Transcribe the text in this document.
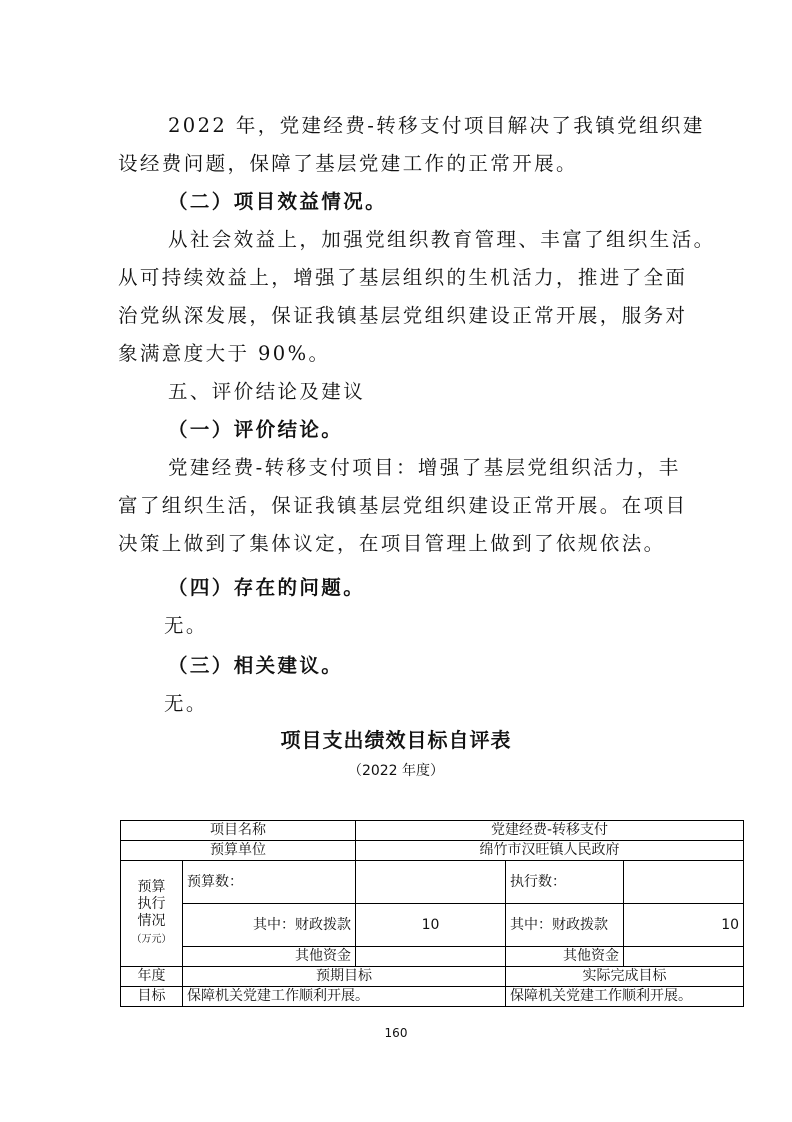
2022 年，党建经费-转移支付项目解决了我镇党组织建
设经费问题，保障了基层党建工作的正常开展。
（二）项目效益情况。
从社会效益上，加强党组织教育管理、丰富了组织生活。
从可持续效益上，增强了基层组织的生机活力，推进了全面
治党纵深发展，保证我镇基层党组织建设正常开展，服务对
象满意度大于 90%。
五、评价结论及建议
（一）评价结论。
党建经费-转移支付项目：增强了基层党组织活力，丰
富了组织生活，保证我镇基层党组织建设正常开展。在项目
决策上做到了集体议定，在项目管理上做到了依规依法。
（四）存在的问题。
无。
（三）相关建议。
无。
项目支出绩效目标自评表
（2022 年度）
项目名称		党建经费-转移支付		
预算单位		绵竹市汉旺镇人民政府		

预算
执行
情况
（万元）	预算数：		执行数：	
	其中：财政拨款	10	其中：财政拨款	10
	其他资金		其他资金	
年度	预期目标		实际完成目标	
目标	保障机关党建工作顺利开展。		保障机关党建工作顺利开展。	
160
